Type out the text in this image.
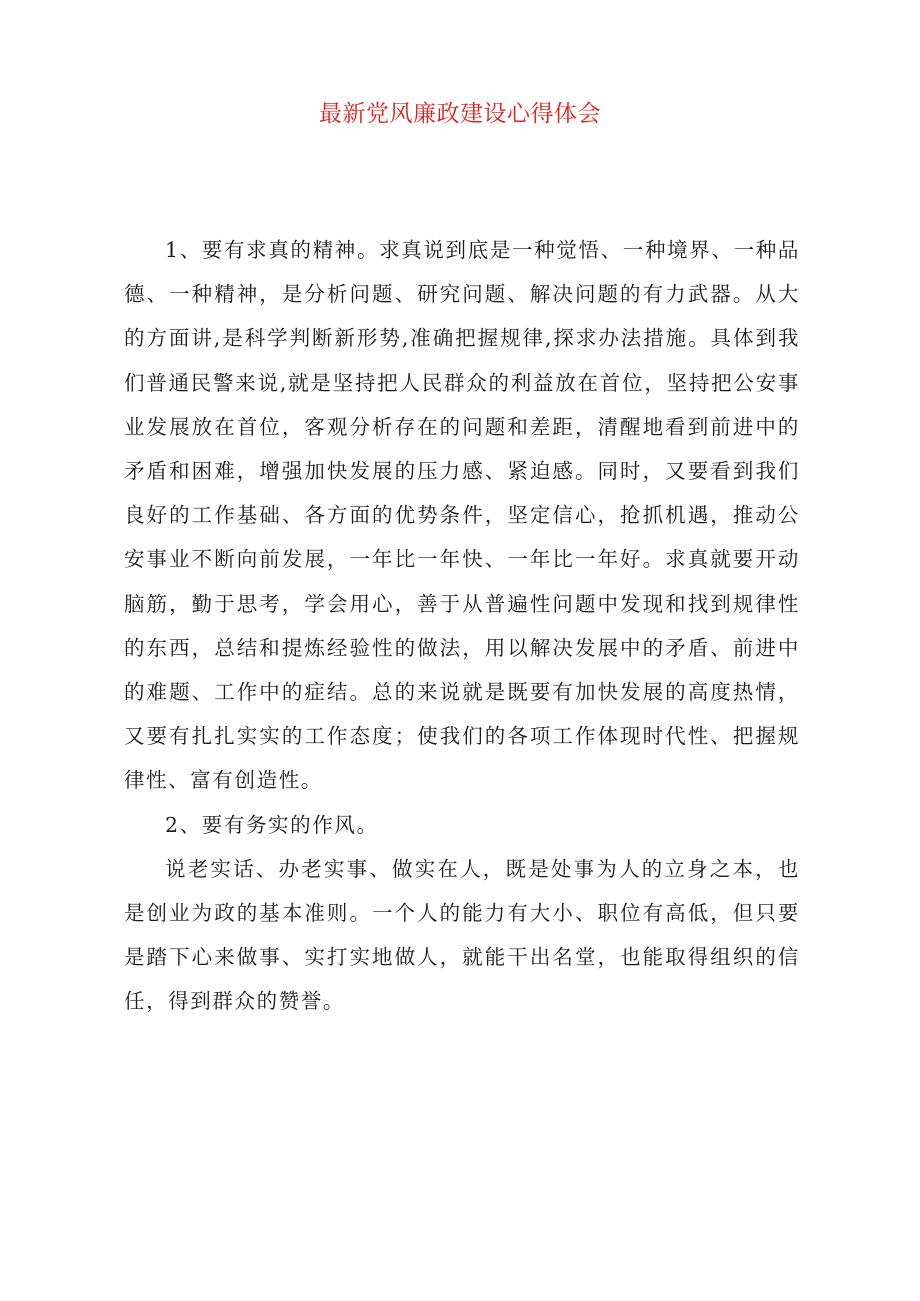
最新党风廉政建设心得体会

1、要有求真的精神。求真说到底是一种觉悟、一种境界、一种品德、一种精神，是分析问题、研究问题、解决问题的有力武器。从大的方面讲,是科学判断新形势,准确把握规律,探求办法措施。具体到我们普通民警来说,就是坚持把人民群众的利益放在首位，坚持把公安事业发展放在首位，客观分析存在的问题和差距，清醒地看到前进中的矛盾和困难，增强加快发展的压力感、紧迫感。同时，又要看到我们良好的工作基础、各方面的优势条件，坚定信心，抢抓机遇，推动公安事业不断向前发展，一年比一年快、一年比一年好。求真就要开动脑筋，勤于思考，学会用心，善于从普遍性问题中发现和找到规律性的东西，总结和提炼经验性的做法，用以解决发展中的矛盾、前进中的难题、工作中的症结。总的来说就是既要有加快发展的高度热情，又要有扎扎实实的工作态度；使我们的各项工作体现时代性、把握规律性、富有创造性。

2、要有务实的作风。

说老实话、办老实事、做实在人，既是处事为人的立身之本，也是创业为政的基本准则。一个人的能力有大小、职位有高低，但只要是踏下心来做事、实打实地做人，就能干出名堂，也能取得组织的信任，得到群众的赞誉。
